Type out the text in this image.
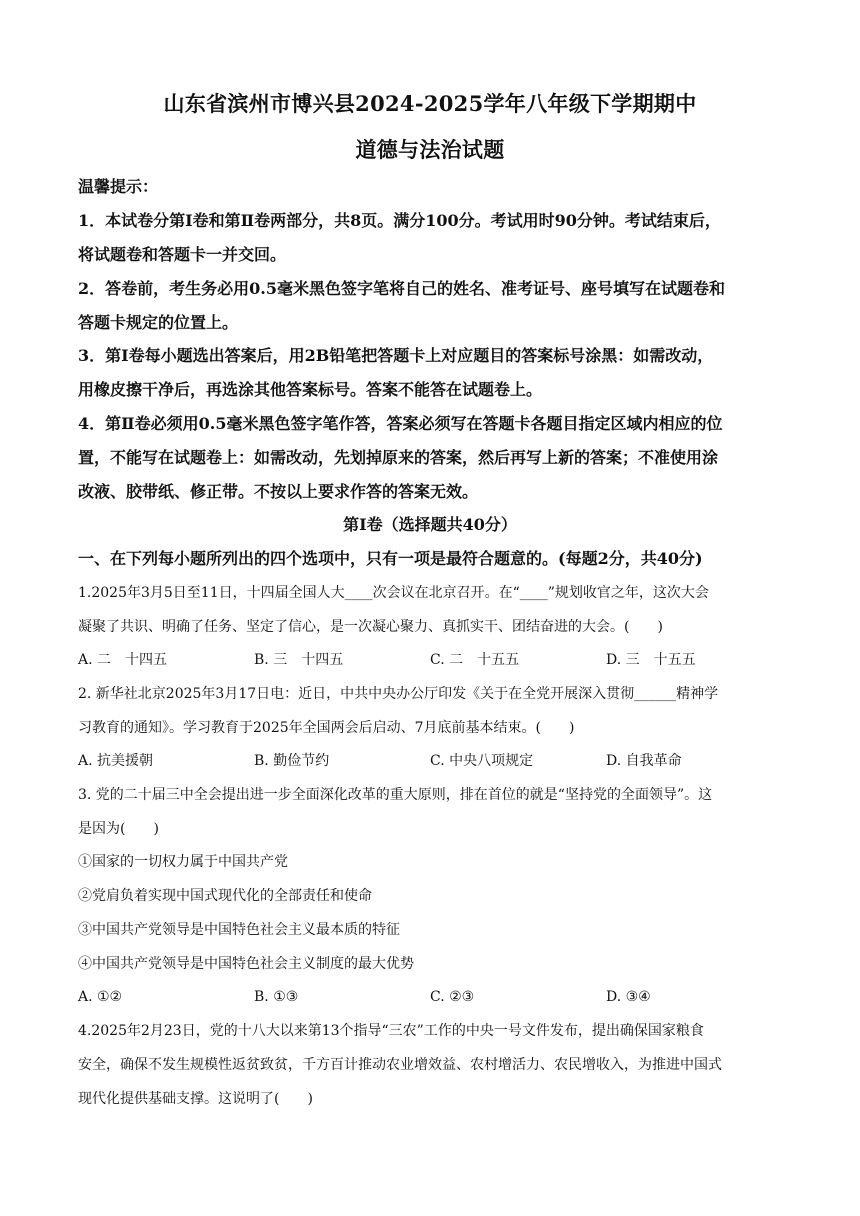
山东省滨州市博兴县2024-2025学年八年级下学期期中
道德与法治试题
温馨提示：
1．本试卷分第Ⅰ卷和第Ⅱ卷两部分，共8页。满分100分。考试用时90分钟。考试结束后，
将试题卷和答题卡一并交回。
2．答卷前，考生务必用0.5毫米黑色签字笔将自己的姓名、准考证号、座号填写在试题卷和
答题卡规定的位置上。
3．第Ⅰ卷每小题选出答案后，用2B铅笔把答题卡上对应题目的答案标号涂黑：如需改动，
用橡皮擦干净后，再选涂其他答案标号。答案不能答在试题卷上。
4．第Ⅱ卷必须用0.5毫米黑色签字笔作答，答案必须写在答题卡各题目指定区域内相应的位
置，不能写在试题卷上：如需改动，先划掉原来的答案，然后再写上新的答案；不准使用涂
改液、胶带纸、修正带。不按以上要求作答的答案无效。
第Ⅰ卷（选择题共40分）
一、在下列每小题所列出的四个选项中，只有一项是最符合题意的。(每题2分，共40分)
1.2025年3月5日至11日，十四届全国人大____次会议在北京召开。在“____”规划收官之年，这次大会
凝聚了共识、明确了任务、坚定了信心，是一次凝心聚力、真抓实干、团结奋进的大会。(　　)
A. 二　十四五	B. 三　十四五	C. 二　十五五	D. 三　十五五
2. 新华社北京2025年3月17日电：近日，中共中央办公厅印发《关于在全党开展深入贯彻______精神学
习教育的通知》。学习教育于2025年全国两会后启动、7月底前基本结束。(　　)
A. 抗美援朝	B. 勤俭节约	C. 中央八项规定	D. 自我革命
3. 党的二十届三中全会提出进一步全面深化改革的重大原则，排在首位的就是“坚持党的全面领导”。这
是因为(　　)
①国家的一切权力属于中国共产党
②党肩负着实现中国式现代化的全部责任和使命
③中国共产党领导是中国特色社会主义最本质的特征
④中国共产党领导是中国特色社会主义制度的最大优势
A. ①②	B. ①③	C. ②③	D. ③④
4.2025年2月23日，党的十八大以来第13个指导“三农”工作的中央一号文件发布，提出确保国家粮食
安全，确保不发生规模性返贫致贫，千方百计推动农业增效益、农村增活力、农民增收入，为推进中国式
现代化提供基础支撑。这说明了(　　)
